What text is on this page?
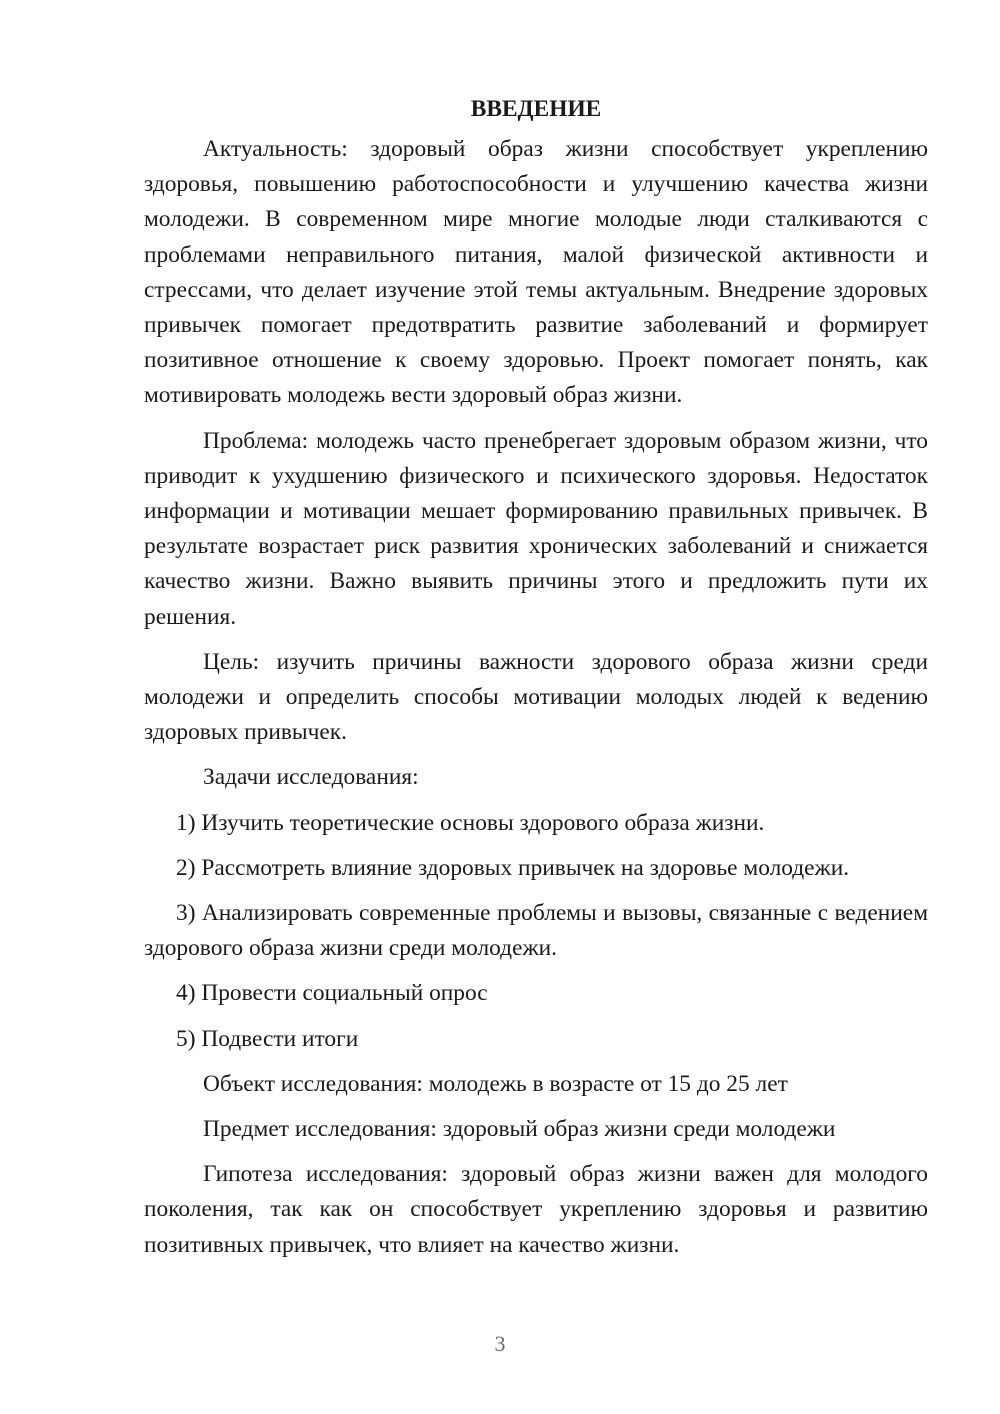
ВВЕДЕНИЕ

Актуальность: здоровый образ жизни способствует укреплению здоровья, повышению работоспособности и улучшению качества жизни молодежи. В современном мире многие молодые люди сталкиваются с проблемами неправильного питания, малой физической активности и стрессами, что делает изучение этой темы актуальным. Внедрение здоровых привычек помогает предотвратить развитие заболеваний и формирует позитивное отношение к своему здоровью. Проект помогает понять, как мотивировать молодежь вести здоровый образ жизни.

Проблема: молодежь часто пренебрегает здоровым образом жизни, что приводит к ухудшению физического и психического здоровья. Недостаток информации и мотивации мешает формированию правильных привычек. В результате возрастает риск развития хронических заболеваний и снижается качество жизни. Важно выявить причины этого и предложить пути их решения.

Цель: изучить причины важности здорового образа жизни среди молодежи и определить способы мотивации молодых людей к ведению здоровых привычек.

Задачи исследования:

1) Изучить теоретические основы здорового образа жизни.

2) Рассмотреть влияние здоровых привычек на здоровье молодежи.

3) Анализировать современные проблемы и вызовы, связанные с ведением здорового образа жизни среди молодежи.

4) Провести социальный опрос

5) Подвести итоги

Объект исследования: молодежь в возрасте от 15 до 25 лет

Предмет исследования: здоровый образ жизни среди молодежи

Гипотеза исследования: здоровый образ жизни важен для молодого поколения, так как он способствует укреплению здоровья и развитию позитивных привычек, что влияет на качество жизни.

3
